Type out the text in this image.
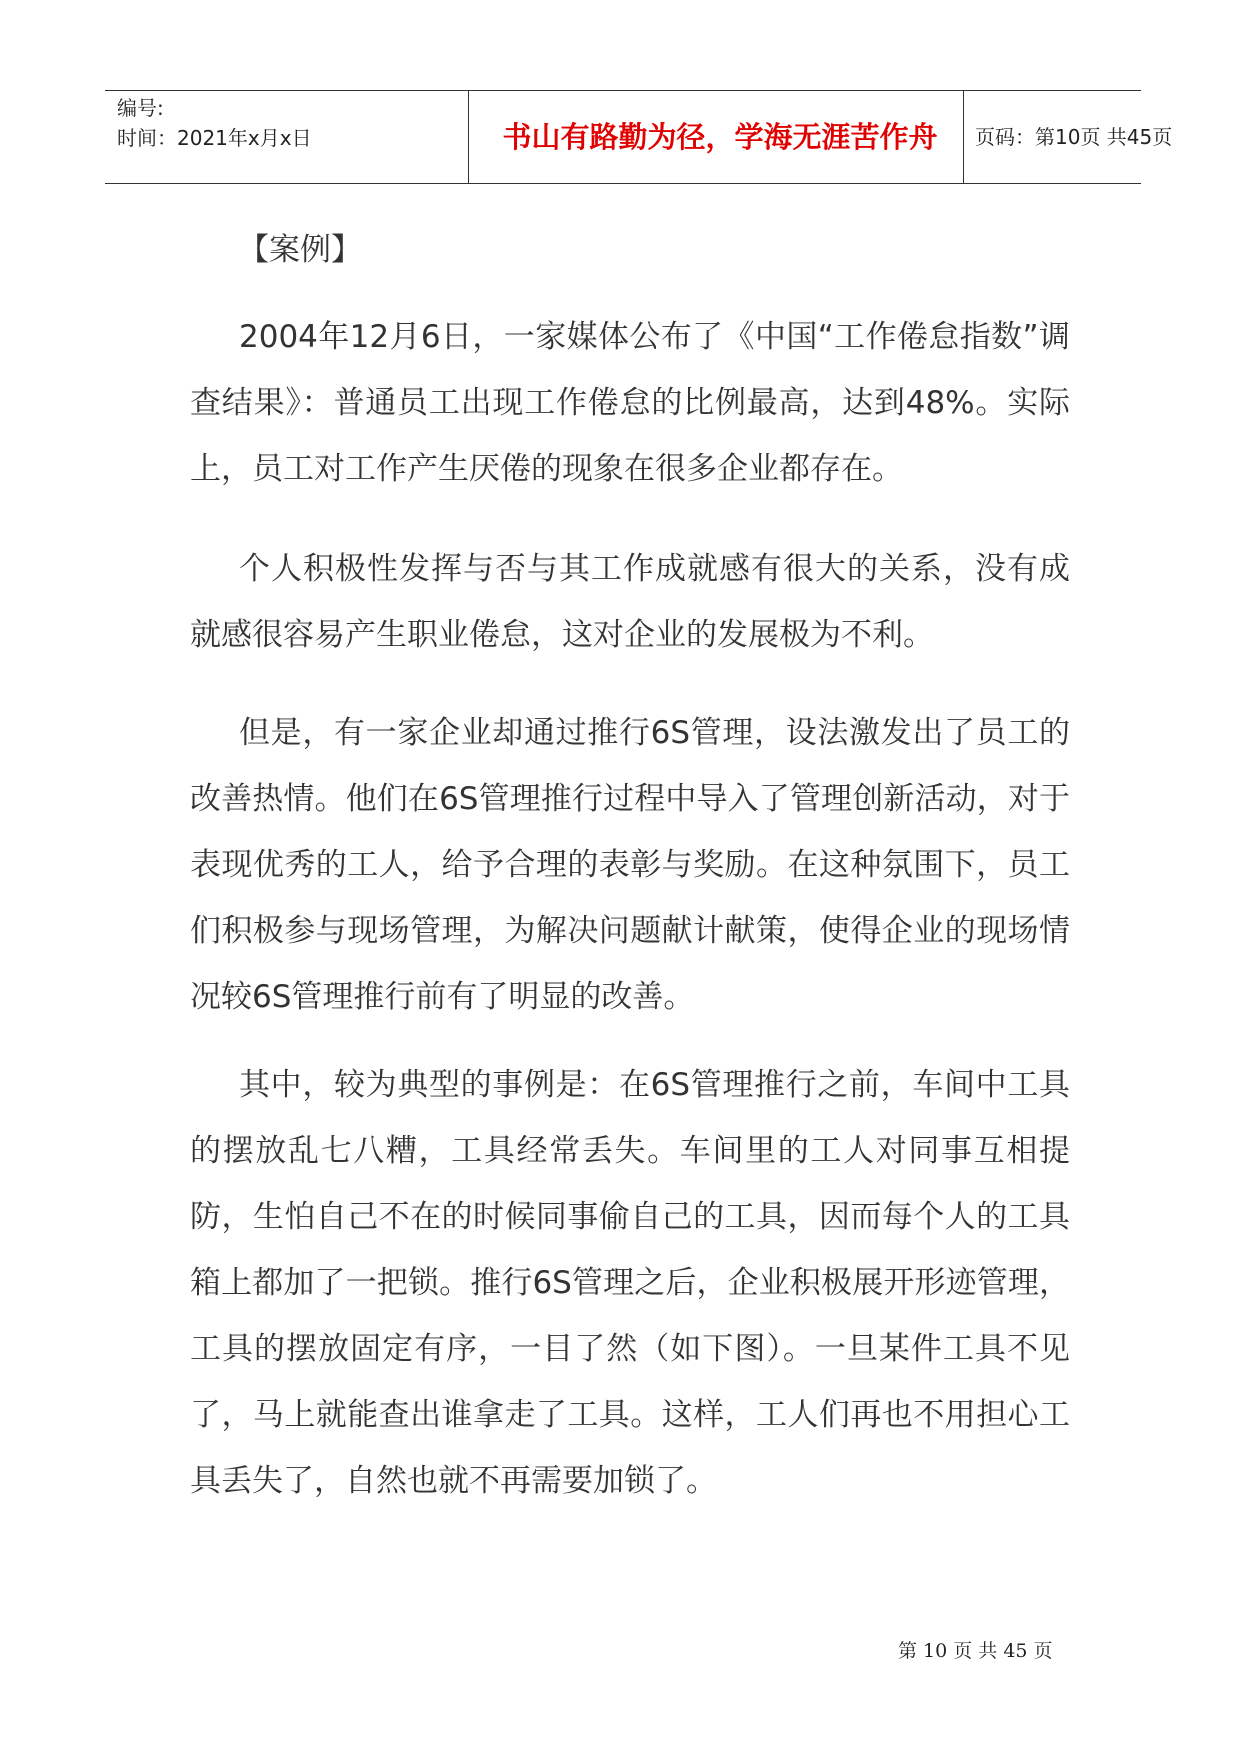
编号:
时间：2021年x月x日	书山有路勤为径，学海无涯苦作舟	页码：第10页 共45页
【案例】

2004年12月6日，一家媒体公布了《中国“工作倦怠指数”调查结果》：普通员工出现工作倦怠的比例最高，达到48%。实际上，员工对工作产生厌倦的现象在很多企业都存在。

个人积极性发挥与否与其工作成就感有很大的关系，没有成就感很容易产生职业倦怠，这对企业的发展极为不利。

但是，有一家企业却通过推行6S管理，设法激发出了员工的改善热情。他们在6S管理推行过程中导入了管理创新活动，对于表现优秀的工人，给予合理的表彰与奖励。在这种氛围下，员工们积极参与现场管理，为解决问题献计献策，使得企业的现场情况较6S管理推行前有了明显的改善。

其中，较为典型的事例是：在6S管理推行之前，车间中工具的摆放乱七八糟，工具经常丢失。车间里的工人对同事互相提防，生怕自己不在的时候同事偷自己的工具，因而每个人的工具箱上都加了一把锁。推行6S管理之后，企业积极展开形迹管理，工具的摆放固定有序，一目了然（如下图）。一旦某件工具不见了，马上就能查出谁拿走了工具。这样，工人们再也不用担心工具丢失了，自然也就不再需要加锁了。

第 10 页 共 45 页
